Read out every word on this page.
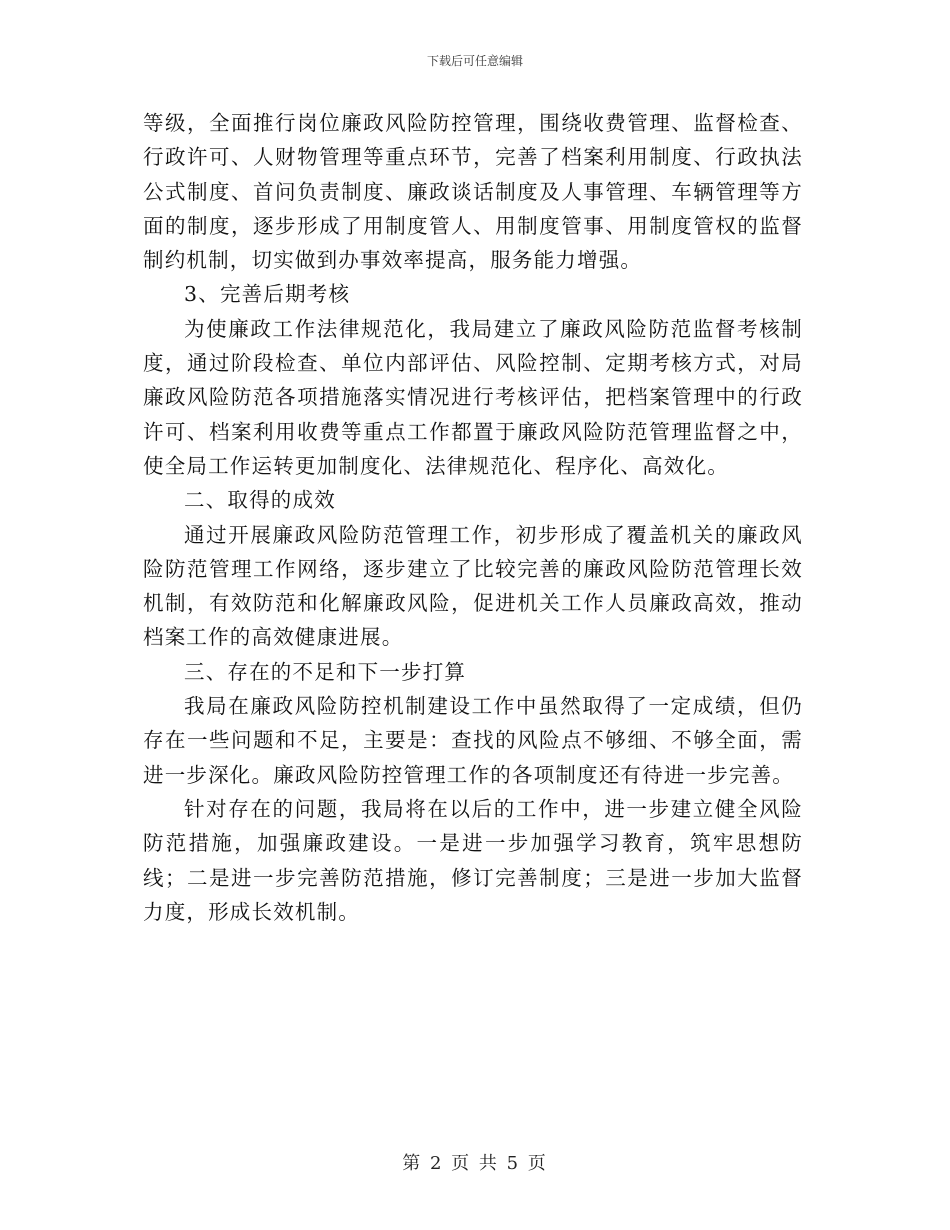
下载后可任意编辑

等级，全面推行岗位廉政风险防控管理，围绕收费管理、监督检查、行政许可、人财物管理等重点环节，完善了档案利用制度、行政执法公式制度、首问负责制度、廉政谈话制度及人事管理、车辆管理等方面的制度，逐步形成了用制度管人、用制度管事、用制度管权的监督制约机制，切实做到办事效率提高，服务能力增强。

3、完善后期考核

为使廉政工作法律规范化，我局建立了廉政风险防范监督考核制度，通过阶段检查、单位内部评估、风险控制、定期考核方式，对局廉政风险防范各项措施落实情况进行考核评估，把档案管理中的行政许可、档案利用收费等重点工作都置于廉政风险防范管理监督之中，使全局工作运转更加制度化、法律规范化、程序化、高效化。

二、取得的成效

通过开展廉政风险防范管理工作，初步形成了覆盖机关的廉政风险防范管理工作网络，逐步建立了比较完善的廉政风险防范管理长效机制，有效防范和化解廉政风险，促进机关工作人员廉政高效，推动档案工作的高效健康进展。

三、存在的不足和下一步打算

我局在廉政风险防控机制建设工作中虽然取得了一定成绩，但仍存在一些问题和不足，主要是：查找的风险点不够细、不够全面，需进一步深化。廉政风险防控管理工作的各项制度还有待进一步完善。

针对存在的问题，我局将在以后的工作中，进一步建立健全风险防范措施，加强廉政建设。一是进一步加强学习教育，筑牢思想防线；二是进一步完善防范措施，修订完善制度；三是进一步加大监督力度，形成长效机制。

第 2 页 共 5 页
